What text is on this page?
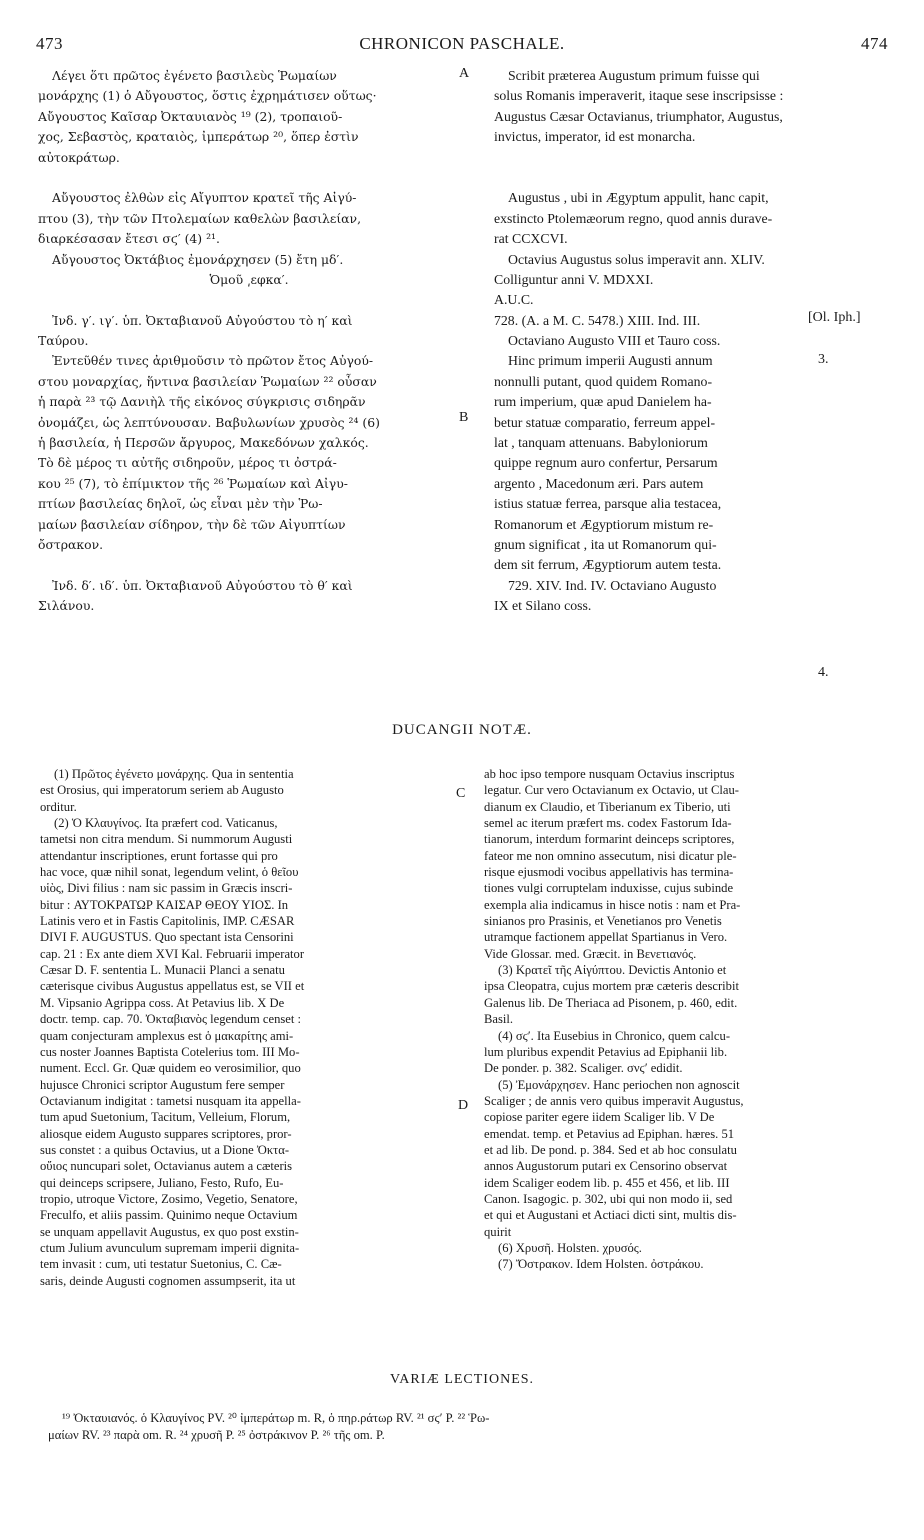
473	CHRONICON PASCHALE.	474
Λέγει ὅτι πρῶτος ἐγένετο βασιλεὺς Ῥωμαίων
μονάρχης (1) ὁ Αὔγουστος, ὅστις ἐχρημάτισεν οὕτως·
Αὔγουστος Καῖσαρ Ὀκταυιανὸς ¹⁹ (2), τροπαιοῦ-
χος, Σεβαστὸς, κραταιὸς, ἰμπεράτωρ ²⁰, ὅπερ ἐστὶν
αὐτοκράτωρ.
Αὔγουστος ἐλθὼν εἰς Αἴγυπτον κρατεῖ τῆς Αἰγύ-
πτου (3), τὴν τῶν Πτολεμαίων καθελὼν βασιλείαν,
διαρκέσασαν ἔτεσι σϛ′ (4) ²¹.
Αὔγουστος Ὀκτάβιος ἐμονάρχησεν (5) ἔτη μδ′.
Ὁμοῦ ͵εφκα′.
Ἰνδ. γ′. ιγ′. ὑπ. Ὀκταβιανοῦ Αὐγούστου τὸ η′ καὶ
Ταύρου.
Ἐντεῦθέν τινες ἀριθμοῦσιν τὸ πρῶτον ἔτος Αὐγού-
στου μοναρχίας, ἥντινα βασιλείαν Ῥωμαίων ²² οὖσαν
ἡ παρὰ ²³ τῷ Δανιὴλ τῆς εἰκόνος σύγκρισις σιδηρᾶν
ὀνομάζει, ὡς λεπτύνουσαν. Βαβυλωνίων χρυσὸς ²⁴ (6)
ἡ βασιλεία, ἡ Περσῶν ἄργυρος, Μακεδόνων χαλκός.
Τὸ δὲ μέρος τι αὐτῆς σιδηροῦν, μέρος τι ὀστρά-
κου ²⁵ (7), τὸ ἐπίμικτον τῆς ²⁶ Ῥωμαίων καὶ Αἰγυ-
πτίων βασιλείας δηλοῖ, ὡς εἶναι μὲν τὴν Ῥω-
μαίων βασιλείαν σίδηρον, τὴν δὲ τῶν Αἰγυπτίων
ὄστρακον.
Ἰνδ. δ′. ιδ′. ὑπ. Ὀκταβιανοῦ Αὐγούστου τὸ θ′ καὶ
Σιλάνου.
Scribit præterea Augustum primum fuisse qui
solus Romanis imperaverit, itaque sese inscripsisse :
Augustus Cæsar Octavianus, triumphator, Augustus,
invictus, imperator, id est monarcha.
Augustus , ubi in Ægyptum appulit, hanc capit,
exstincto Ptolemæorum regno, quod annis durave-
rat CCXCVI.
Octavius Augustus solus imperavit ann. XLIV.
Colliguntur anni V. MDXXI.
A.U.C.
728. (A. a M. C. 5478.) XIII. Ind. III.
Octaviano Augusto VIII et Tauro coss.
Hinc primum imperii Augusti annum
nonnulli putant, quod quidem Romano-
rum imperium, quæ apud Danielem ha-
betur statuæ comparatio, ferreum appel-
lat , tanquam attenuans. Babyloniorum
quippe regnum auro confertur, Persarum
argento , Macedonum æri. Pars autem
istius statuæ ferrea, parsque alia testacea,
Romanorum et Ægyptiorum mistum re-
gnum significat , ita ut Romanorum qui-
dem sit ferrum, Ægyptiorum autem testa.
729. XIV. Ind. IV. Octaviano Augusto
IX et Silano coss.
A
B
[Ol. Iph.]
3.
4.
DUCANGII NOTÆ.
(1) Πρῶτος ἐγένετο μονάρχης. Qua in sententia
est Orosius, qui imperatorum seriem ab Augusto
orditur.
(2) Ὁ Κλαυγίνος. Ita præfert cod. Vaticanus,
tametsi non citra mendum. Si nummorum Augusti
attendantur inscriptiones, erunt fortasse qui pro
hac voce, quæ nihil sonat, legendum velint, ὁ θεῖου
υἱὸς, Divi filius : nam sic passim in Græcis inscri-
bitur : ΑΥΤΟΚΡΑΤΩΡ ΚΑΙΣΑΡ ΘΕΟΥ ΥΙΟΣ. In
Latinis vero et in Fastis Capitolinis, IMP. CÆSAR
DIVI F. AUGUSTUS. Quo spectant ista Censorini
cap. 21 : Ex ante diem XVI Kal. Februarii imperator
Cæsar D. F. sententia L. Munacii Planci a senatu
cæterisque civibus Augustus appellatus est, se VII et
M. Vipsanio Agrippa coss. At Petavius lib. X De
doctr. temp. cap. 70. Ὀκταβιανὸς legendum censet :
quam conjecturam amplexus est ὁ μακαρίτης ami-
cus noster Joannes Baptista Cotelerius tom. III Mo-
nument. Eccl. Gr. Quæ quidem eo verosimilior, quo
hujusce Chronici scriptor Augustum fere semper
Octavianum indigitat : tametsi nusquam ita appella-
tum apud Suetonium, Tacitum, Velleium, Florum,
aliosque eidem Augusto suppares scriptores, pror-
sus constet : a quibus Octavius, ut a Dione Ὀκτα-
οὔιος nuncupari solet, Octavianus autem a cæteris
qui deinceps scripsere, Juliano, Festo, Rufo, Eu-
tropio, utroque Victore, Zosimo, Vegetio, Senatore,
Freculfo, et aliis passim. Quinimo neque Octavium
se unquam appellavit Augustus, ex quo post exstin-
ctum Julium avunculum supremam imperii dignita-
tem invasit : cum, uti testatur Suetonius, C. Cæ-
saris, deinde Augusti cognomen assumpserit, ita ut
ab hoc ipso tempore nusquam Octavius inscriptus
legatur. Cur vero Octavianum ex Octavio, ut Clau-
dianum ex Claudio, et Tiberianum ex Tiberio, uti
semel ac iterum præfert ms. codex Fastorum Ida-
tianorum, interdum formarint deinceps scriptores,
fateor me non omnino assecutum, nisi dicatur ple-
risque ejusmodi vocibus appellativis has termina-
tiones vulgi corruptelam induxisse, cujus subinde
exempla alia indicamus in hisce notis : nam et Pra-
sinianos pro Prasinis, et Venetianos pro Venetis
utramque factionem appellat Spartianus in Vero.
Vide Glossar. med. Græcit. in Βενετιανός.
(3) Κρατεῖ τῆς Αἰγύπτου. Devictis Antonio et
ipsa Cleopatra, cujus mortem præ cæteris describit
Galenus lib. De Theriaca ad Pisonem, p. 460, edit.
Basil.
(4) σϛ′. Ita Eusebius in Chronico, quem calcu-
lum pluribus expendit Petavius ad Epiphanii lib.
De ponder. p. 382. Scaliger. σνϛ′ edidit.
(5) Ἐμονάρχησεν. Hanc periochen non agnoscit
Scaliger ; de annis vero quibus imperavit Augustus,
copiose pariter egere iidem Scaliger lib. V De
emendat. temp. et Petavius ad Epiphan. hæres. 51
et ad lib. De pond. p. 384. Sed et ab hoc consulatu
annos Augustorum putari ex Censorino observat
idem Scaliger eodem lib. p. 455 et 456, et lib. III
Canon. Isagogic. p. 302, ubi qui non modo ii, sed
et qui et Augustani et Actiaci dicti sint, multis dis-
quirit
(6) Χρυσῆ. Holsten. χρυσός.
(7) Ὄστρακον. Idem Holsten. ὀστράκου.
C
D
VARIÆ LECTIONES.
¹⁹ Ὀκταυιανός. ὁ Κλαυγίνος PV. ²⁰ ἰμπεράτωρ m. R, ὁ πηρ.ράτωρ RV. ²¹ σϛ′ P. ²² Ῥω-
μαίων RV. ²³ παρὰ om. R. ²⁴ χρυσῆ P. ²⁵ ὀστράκινον P. ²⁶ τῆς om. P.
